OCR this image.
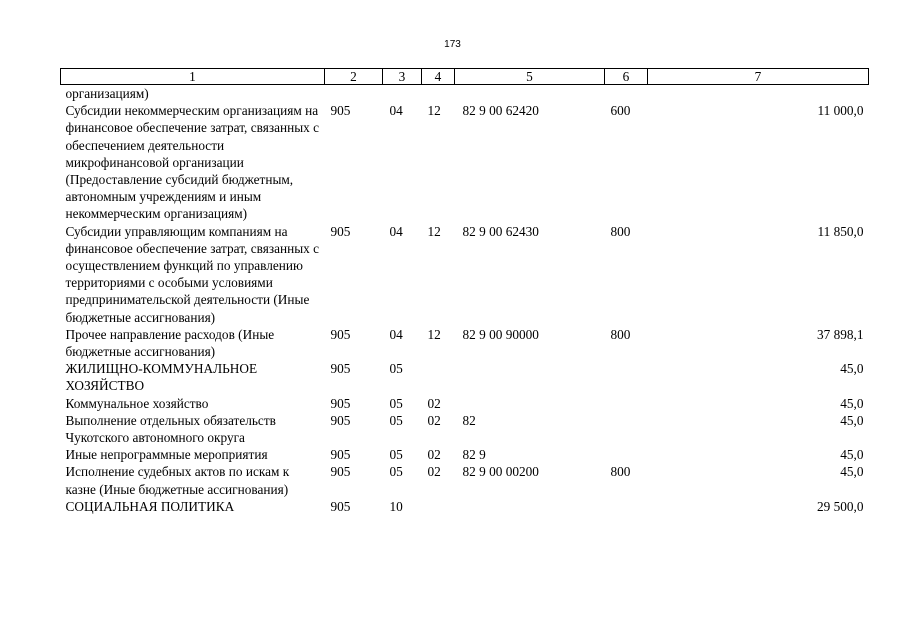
173
1	2	3	4	5	6	7
организациям)						
Субсидии некоммерческим организациям на финансовое обеспечение затрат, связанных с обеспечением деятельности микрофинансовой организации (Предоставление субсидий бюджетным, автономным учреждениям и иным некоммерческим организациям)	905	04	12	82 9 00 62420	600	11 000,0
Субсидии управляющим компаниям на финансовое обеспечение затрат, связанных с осуществлением функций по управлению территориями с особыми условиями предпринимательской деятельности (Иные бюджетные ассигнования)	905	04	12	82 9 00 62430	800	11 850,0
Прочее направление расходов (Иные бюджетные ассигнования)	905	04	12	82 9 00 90000	800	37 898,1
ЖИЛИЩНО-КОММУНАЛЬНОЕ ХОЗЯЙСТВО	905	05				45,0
Коммунальное хозяйство	905	05	02			45,0
Выполнение отдельных обязательств Чукотского автономного округа	905	05	02	82		45,0
Иные непрограммные мероприятия	905	05	02	82 9		45,0
Исполнение судебных актов по искам к казне (Иные бюджетные ассигнования)	905	05	02	82 9 00 00200	800	45,0
СОЦИАЛЬНАЯ ПОЛИТИКА	905	10				29 500,0
